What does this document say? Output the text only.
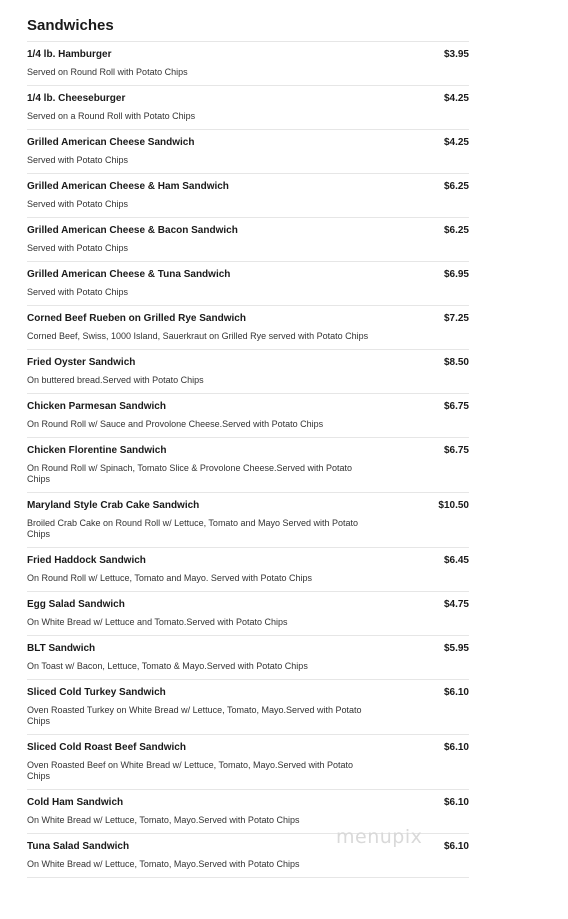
Sandwiches
1/4 lb. Hamburger	$3.95
Served on Round Roll with Potato Chips
1/4 lb. Cheeseburger	$4.25
Served on a Round Roll with Potato Chips
Grilled American Cheese Sandwich	$4.25
Served with Potato Chips
Grilled American Cheese & Ham Sandwich	$6.25
Served with Potato Chips
Grilled American Cheese & Bacon Sandwich	$6.25
Served with Potato Chips
Grilled American Cheese & Tuna Sandwich	$6.95
Served with Potato Chips
Corned Beef Rueben on Grilled Rye Sandwich	$7.25
Corned Beef, Swiss, 1000 Island, Sauerkraut on Grilled Rye served with Potato Chips
Fried Oyster Sandwich	$8.50
On buttered bread.Served with Potato Chips
Chicken Parmesan Sandwich	$6.75
On Round Roll w/ Sauce and Provolone Cheese.Served with Potato Chips
Chicken Florentine Sandwich	$6.75
On Round Roll w/ Spinach, Tomato Slice & Provolone Cheese.Served with Potato Chips
Maryland Style Crab Cake Sandwich	$10.50
Broiled Crab Cake on Round Roll w/ Lettuce, Tomato and Mayo Served with Potato Chips
Fried Haddock Sandwich	$6.45
On Round Roll w/ Lettuce, Tomato and Mayo. Served with Potato Chips
Egg Salad Sandwich	$4.75
On White Bread w/ Lettuce and Tomato.Served with Potato Chips
BLT Sandwich	$5.95
On Toast w/ Bacon, Lettuce, Tomato & Mayo.Served with Potato Chips
Sliced Cold Turkey Sandwich	$6.10
Oven Roasted Turkey on White Bread w/ Lettuce, Tomato, Mayo.Served with Potato Chips
Sliced Cold Roast Beef Sandwich	$6.10
Oven Roasted Beef on White Bread w/ Lettuce, Tomato, Mayo.Served with Potato Chips
Cold Ham Sandwich	$6.10
On White Bread w/ Lettuce, Tomato, Mayo.Served with Potato Chips
Tuna Salad Sandwich	$6.10
On White Bread w/ Lettuce, Tomato, Mayo.Served with Potato Chips
menupix
